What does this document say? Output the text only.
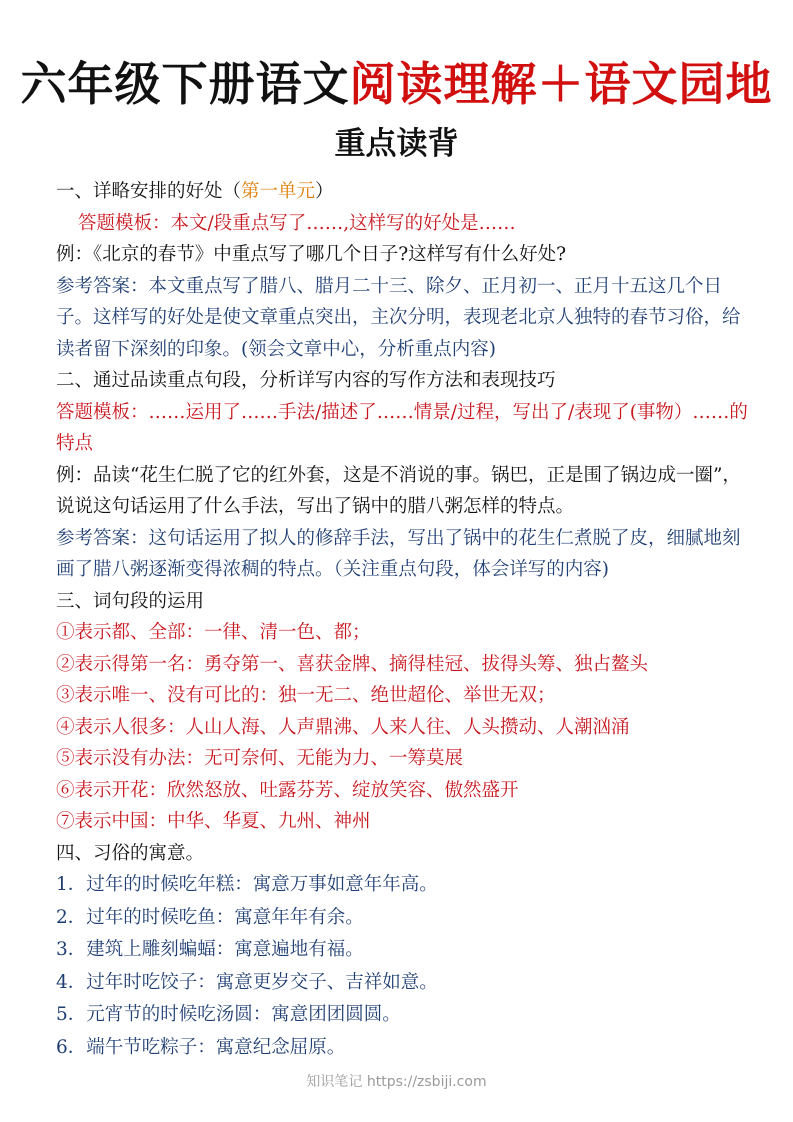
六年级下册语文阅读理解＋语文园地
重点读背
一、详略安排的好处（第一单元）
答题模板：本文/段重点写了……,这样写的好处是……
例：《北京的春节》中重点写了哪几个日子?这样写有什么好处?
参考答案：本文重点写了腊八、腊月二十三、除夕、正月初一、正月十五这几个日子。这样写的好处是使文章重点突出，主次分明，表现老北京人独特的春节习俗，给读者留下深刻的印象。(领会文章中心，分析重点内容)
二、通过品读重点句段，分析详写内容的写作方法和表现技巧
答题模板：……运用了……手法/描述了……情景/过程，写出了/表现了(事物）……的特点
例：品读“花生仁脱了它的红外套，这是不消说的事。锅巴，正是围了锅边成一圈”，说说这句话运用了什么手法，写出了锅中的腊八粥怎样的特点。
参考答案：这句话运用了拟人的修辞手法，写出了锅中的花生仁煮脱了皮，细腻地刻画了腊八粥逐渐变得浓稠的特点。（关注重点句段，体会详写的内容)
三、词句段的运用
①表示都、全部：一律、清一色、都；
②表示得第一名：勇夺第一、喜获金牌、摘得桂冠、拔得头筹、独占鳌头
③表示唯一、没有可比的：独一无二、绝世超伦、举世无双；
④表示人很多：人山人海、人声鼎沸、人来人往、人头攒动、人潮汹涌
⑤表示没有办法：无可奈何、无能为力、一筹莫展
⑥表示开花：欣然怒放、吐露芬芳、绽放笑容、傲然盛开
⑦表示中国：中华、华夏、九州、神州
四、习俗的寓意。
1．过年的时候吃年糕：寓意万事如意年年高。
2．过年的时候吃鱼：寓意年年有余。
3．建筑上雕刻蝙蝠：寓意遍地有福。
4．过年时吃饺子：寓意更岁交子、吉祥如意。
5．元宵节的时候吃汤圆：寓意团团圆圆。
6．端午节吃粽子：寓意纪念屈原。
知识笔记 https://zsbiji.com
